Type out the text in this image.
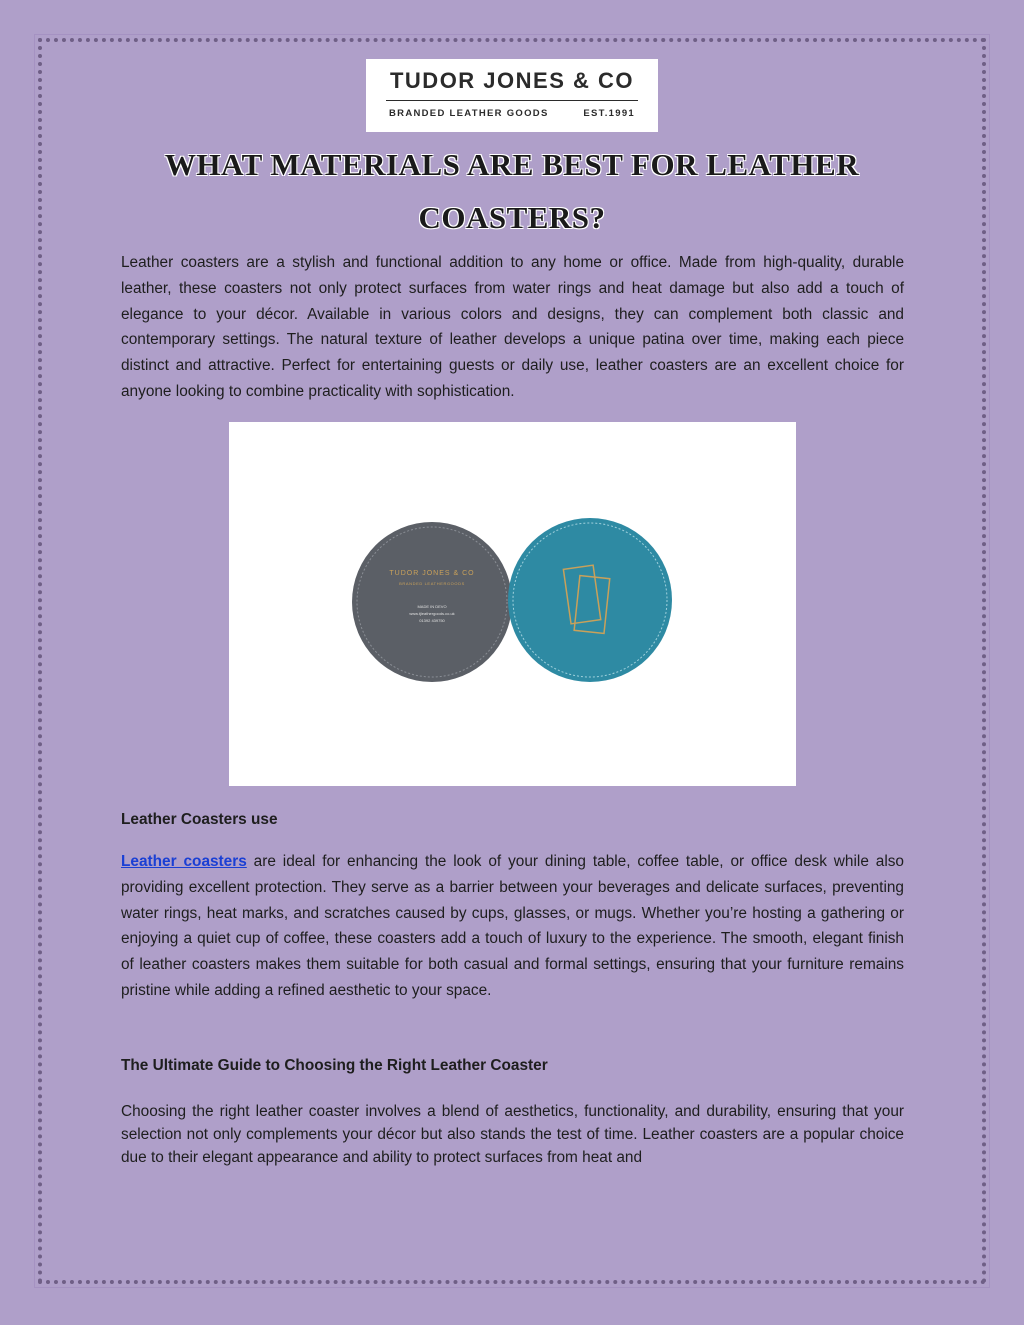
TUDOR JONES & CO
BRANDED LEATHER GOODS	EST.1991
WHAT MATERIALS ARE BEST FOR LEATHER
COASTERS?

Leather coasters are a stylish and functional addition to any home or office. Made from high-quality, durable leather, these coasters not only protect surfaces from water rings and heat damage but also add a touch of elegance to your décor. Available in various colors and designs, they can complement both classic and contemporary settings. The natural texture of leather develops a unique patina over time, making each piece distinct and attractive. Perfect for entertaining guests or daily use, leather coasters are an excellent choice for anyone looking to combine practicality with sophistication.

TUDOR JONES & CO
BRANDED LEATHERGOODS
MADE IN DEVO
www.tjleathergoods.co.uk
01392 439750
Leather Coasters use

Leather coasters are ideal for enhancing the look of your dining table, coffee table, or office desk while also providing excellent protection. They serve as a barrier between your beverages and delicate surfaces, preventing water rings, heat marks, and scratches caused by cups, glasses, or mugs. Whether you’re hosting a gathering or enjoying a quiet cup of coffee, these coasters add a touch of luxury to the experience. The smooth, elegant finish of leather coasters makes them suitable for both casual and formal settings, ensuring that your furniture remains pristine while adding a refined aesthetic to your space.

The Ultimate Guide to Choosing the Right Leather Coaster

Choosing the right leather coaster involves a blend of aesthetics, functionality, and durability, ensuring that your selection not only complements your décor but also stands the test of time. Leather coasters are a popular choice due to their elegant appearance and ability to protect surfaces from heat and
